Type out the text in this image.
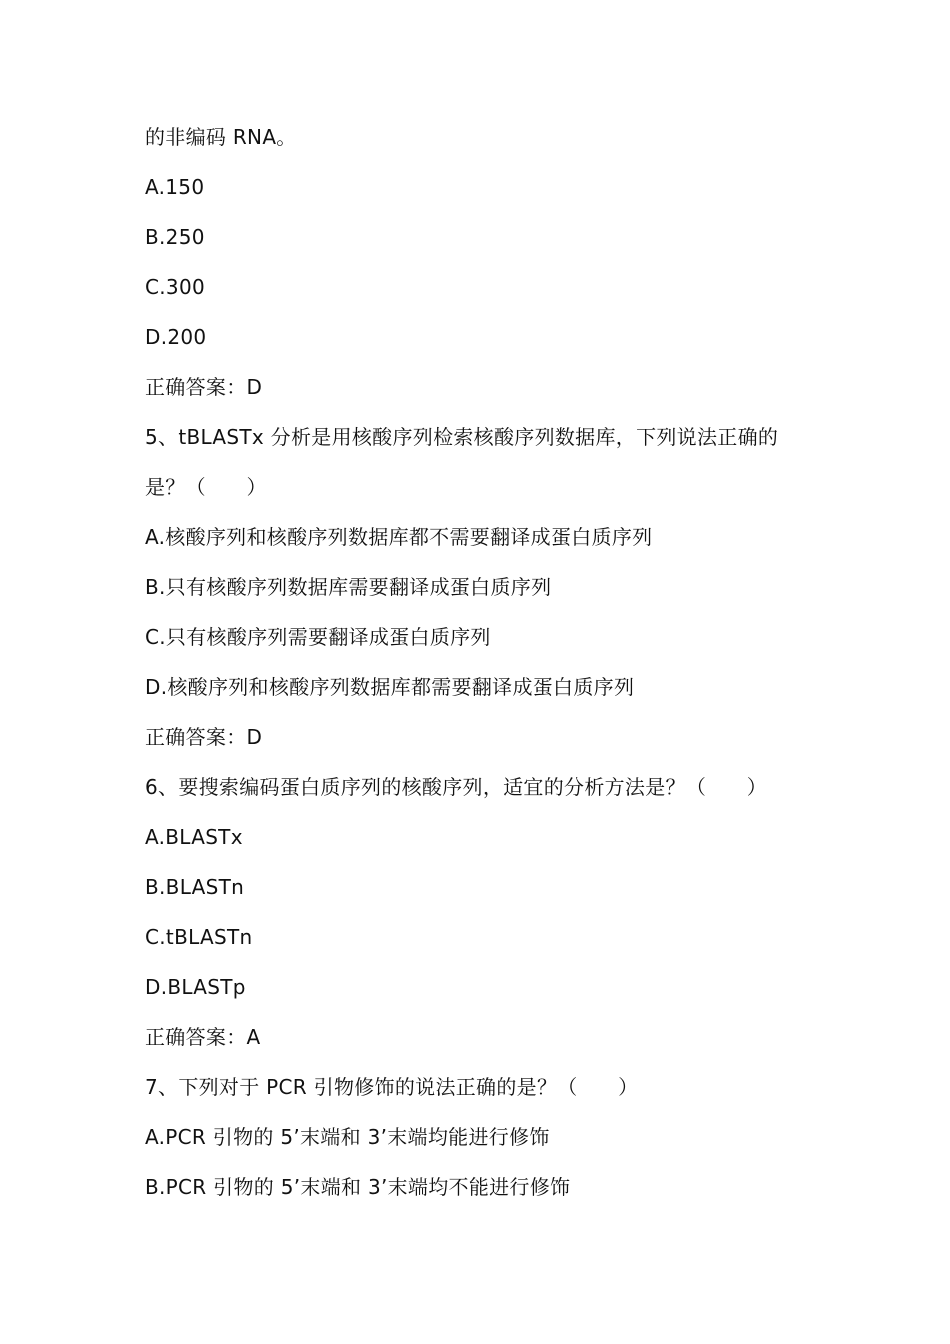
的非编码 RNA。
A.150
B.250
C.300
D.200
正确答案：D
5、tBLASTx 分析是用核酸序列检索核酸序列数据库，下列说法正确的
是？（　　）
A.核酸序列和核酸序列数据库都不需要翻译成蛋白质序列
B.只有核酸序列数据库需要翻译成蛋白质序列
C.只有核酸序列需要翻译成蛋白质序列
D.核酸序列和核酸序列数据库都需要翻译成蛋白质序列
正确答案：D
6、要搜索编码蛋白质序列的核酸序列，适宜的分析方法是？（　　）
A.BLASTx
B.BLASTn
C.tBLASTn
D.BLASTp
正确答案：A
7、下列对于 PCR 引物修饰的说法正确的是？（　　）
A.PCR 引物的 5’末端和 3’末端均能进行修饰
B.PCR 引物的 5’末端和 3’末端均不能进行修饰
